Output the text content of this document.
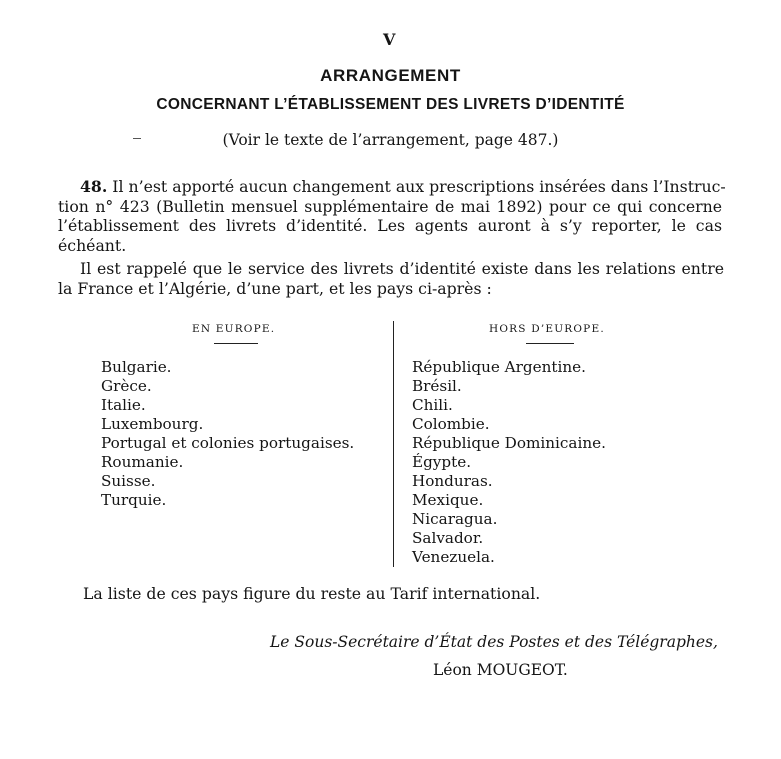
V
ARRANGEMENT
CONCERNANT L’ÉTABLISSEMENT DES LIVRETS D’IDENTITÉ
(Voir le texte de l’arrangement, page 487.)
48. Il n’est apporté aucun changement aux prescriptions insérées dans l’Instruc-
tion n° 423 (Bulletin mensuel supplémentaire de mai 1892) pour ce qui concerne
l’établissement des livrets d’identité. Les agents auront à s’y reporter, le cas
échéant.
Il est rappelé que le service des livrets d’identité existe dans les relations entre
la France et l’Algérie, d’une part, et les pays ci-après :
EN EUROPE.	HORS D’EUROPE.
Bulgarie.
Grèce.
Italie.
Luxembourg.
Portugal et colonies portugaises.
Roumanie.
Suisse.
Turquie.
République Argentine.
Brésil.
Chili.
Colombie.
République Dominicaine.
Égypte.
Honduras.
Mexique.
Nicaragua.
Salvador.
Venezuela.
La liste de ces pays figure du reste au Tarif international.
Le Sous-Secrétaire d’État des Postes et des Télégraphes,
Léon MOUGEOT.
